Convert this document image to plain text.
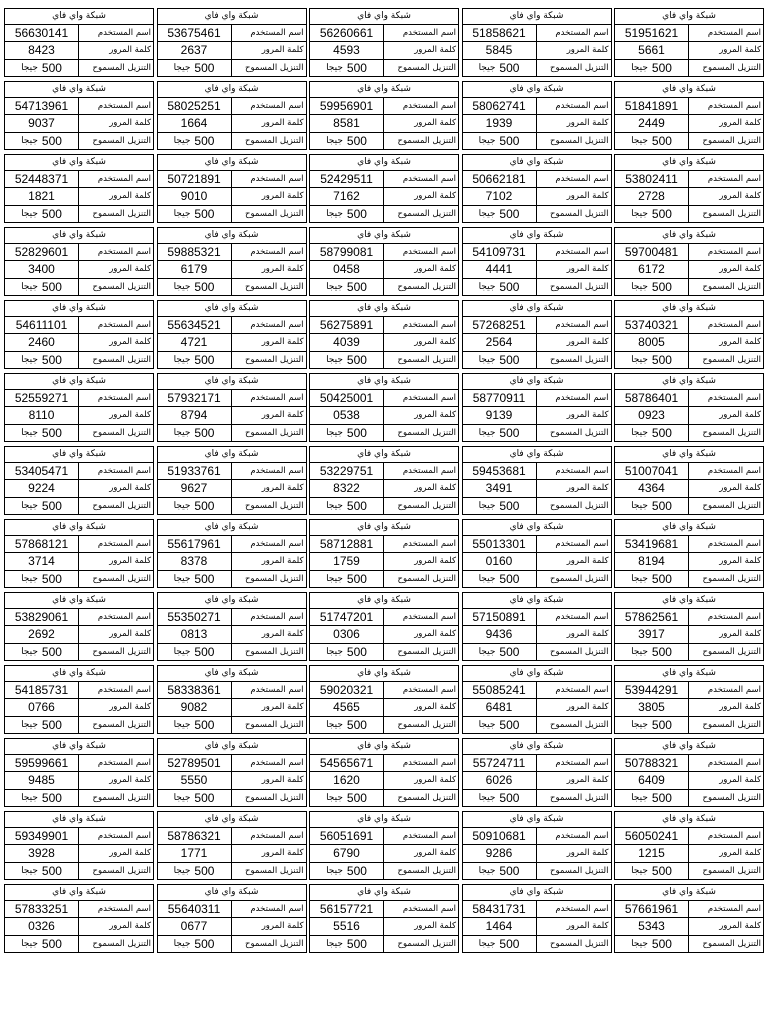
شبكة واي فاي
اسم المستخدم
51951621
كلمة المرور
5661
التنزيل المسموح
500
جيجا
شبكة واي فاي
اسم المستخدم
51858621
كلمة المرور
5845
التنزيل المسموح
500
جيجا
شبكة واي فاي
اسم المستخدم
56260661
كلمة المرور
4593
التنزيل المسموح
500
جيجا
شبكة واي فاي
اسم المستخدم
53675461
كلمة المرور
2637
التنزيل المسموح
500
جيجا
شبكة واي فاي
اسم المستخدم
56630141
كلمة المرور
8423
التنزيل المسموح
500
جيجا
شبكة واي فاي
اسم المستخدم
51841891
كلمة المرور
2449
التنزيل المسموح
500
جيجا
شبكة واي فاي
اسم المستخدم
58062741
كلمة المرور
1939
التنزيل المسموح
500
جيجا
شبكة واي فاي
اسم المستخدم
59956901
كلمة المرور
8581
التنزيل المسموح
500
جيجا
شبكة واي فاي
اسم المستخدم
58025251
كلمة المرور
1664
التنزيل المسموح
500
جيجا
شبكة واي فاي
اسم المستخدم
54713961
كلمة المرور
9037
التنزيل المسموح
500
جيجا
شبكة واي فاي
اسم المستخدم
53802411
كلمة المرور
2728
التنزيل المسموح
500
جيجا
شبكة واي فاي
اسم المستخدم
50662181
كلمة المرور
7102
التنزيل المسموح
500
جيجا
شبكة واي فاي
اسم المستخدم
52429511
كلمة المرور
7162
التنزيل المسموح
500
جيجا
شبكة واي فاي
اسم المستخدم
50721891
كلمة المرور
9010
التنزيل المسموح
500
جيجا
شبكة واي فاي
اسم المستخدم
52448371
كلمة المرور
1821
التنزيل المسموح
500
جيجا
شبكة واي فاي
اسم المستخدم
59700481
كلمة المرور
6172
التنزيل المسموح
500
جيجا
شبكة واي فاي
اسم المستخدم
54109731
كلمة المرور
4441
التنزيل المسموح
500
جيجا
شبكة واي فاي
اسم المستخدم
58799081
كلمة المرور
0458
التنزيل المسموح
500
جيجا
شبكة واي فاي
اسم المستخدم
59885321
كلمة المرور
6179
التنزيل المسموح
500
جيجا
شبكة واي فاي
اسم المستخدم
52829601
كلمة المرور
3400
التنزيل المسموح
500
جيجا
شبكة واي فاي
اسم المستخدم
53740321
كلمة المرور
8005
التنزيل المسموح
500
جيجا
شبكة واي فاي
اسم المستخدم
57268251
كلمة المرور
2564
التنزيل المسموح
500
جيجا
شبكة واي فاي
اسم المستخدم
56275891
كلمة المرور
4039
التنزيل المسموح
500
جيجا
شبكة واي فاي
اسم المستخدم
55634521
كلمة المرور
4721
التنزيل المسموح
500
جيجا
شبكة واي فاي
اسم المستخدم
54611101
كلمة المرور
2460
التنزيل المسموح
500
جيجا
شبكة واي فاي
اسم المستخدم
58786401
كلمة المرور
0923
التنزيل المسموح
500
جيجا
شبكة واي فاي
اسم المستخدم
58770911
كلمة المرور
9139
التنزيل المسموح
500
جيجا
شبكة واي فاي
اسم المستخدم
50425001
كلمة المرور
0538
التنزيل المسموح
500
جيجا
شبكة واي فاي
اسم المستخدم
57932171
كلمة المرور
8794
التنزيل المسموح
500
جيجا
شبكة واي فاي
اسم المستخدم
52559271
كلمة المرور
8110
التنزيل المسموح
500
جيجا
شبكة واي فاي
اسم المستخدم
51007041
كلمة المرور
4364
التنزيل المسموح
500
جيجا
شبكة واي فاي
اسم المستخدم
59453681
كلمة المرور
3491
التنزيل المسموح
500
جيجا
شبكة واي فاي
اسم المستخدم
53229751
كلمة المرور
8322
التنزيل المسموح
500
جيجا
شبكة واي فاي
اسم المستخدم
51933761
كلمة المرور
9627
التنزيل المسموح
500
جيجا
شبكة واي فاي
اسم المستخدم
53405471
كلمة المرور
9224
التنزيل المسموح
500
جيجا
شبكة واي فاي
اسم المستخدم
53419681
كلمة المرور
8194
التنزيل المسموح
500
جيجا
شبكة واي فاي
اسم المستخدم
55013301
كلمة المرور
0160
التنزيل المسموح
500
جيجا
شبكة واي فاي
اسم المستخدم
58712881
كلمة المرور
1759
التنزيل المسموح
500
جيجا
شبكة واي فاي
اسم المستخدم
55617961
كلمة المرور
8378
التنزيل المسموح
500
جيجا
شبكة واي فاي
اسم المستخدم
57868121
كلمة المرور
3714
التنزيل المسموح
500
جيجا
شبكة واي فاي
اسم المستخدم
57862561
كلمة المرور
3917
التنزيل المسموح
500
جيجا
شبكة واي فاي
اسم المستخدم
57150891
كلمة المرور
9436
التنزيل المسموح
500
جيجا
شبكة واي فاي
اسم المستخدم
51747201
كلمة المرور
0306
التنزيل المسموح
500
جيجا
شبكة واي فاي
اسم المستخدم
55350271
كلمة المرور
0813
التنزيل المسموح
500
جيجا
شبكة واي فاي
اسم المستخدم
53829061
كلمة المرور
2692
التنزيل المسموح
500
جيجا
شبكة واي فاي
اسم المستخدم
53944291
كلمة المرور
3805
التنزيل المسموح
500
جيجا
شبكة واي فاي
اسم المستخدم
55085241
كلمة المرور
6481
التنزيل المسموح
500
جيجا
شبكة واي فاي
اسم المستخدم
59020321
كلمة المرور
4565
التنزيل المسموح
500
جيجا
شبكة واي فاي
اسم المستخدم
58338361
كلمة المرور
9082
التنزيل المسموح
500
جيجا
شبكة واي فاي
اسم المستخدم
54185731
كلمة المرور
0766
التنزيل المسموح
500
جيجا
شبكة واي فاي
اسم المستخدم
50788321
كلمة المرور
6409
التنزيل المسموح
500
جيجا
شبكة واي فاي
اسم المستخدم
55724711
كلمة المرور
6026
التنزيل المسموح
500
جيجا
شبكة واي فاي
اسم المستخدم
54565671
كلمة المرور
1620
التنزيل المسموح
500
جيجا
شبكة واي فاي
اسم المستخدم
52789501
كلمة المرور
5550
التنزيل المسموح
500
جيجا
شبكة واي فاي
اسم المستخدم
59599661
كلمة المرور
9485
التنزيل المسموح
500
جيجا
شبكة واي فاي
اسم المستخدم
56050241
كلمة المرور
1215
التنزيل المسموح
500
جيجا
شبكة واي فاي
اسم المستخدم
50910681
كلمة المرور
9286
التنزيل المسموح
500
جيجا
شبكة واي فاي
اسم المستخدم
56051691
كلمة المرور
6790
التنزيل المسموح
500
جيجا
شبكة واي فاي
اسم المستخدم
58786321
كلمة المرور
1771
التنزيل المسموح
500
جيجا
شبكة واي فاي
اسم المستخدم
59349901
كلمة المرور
3928
التنزيل المسموح
500
جيجا
شبكة واي فاي
اسم المستخدم
57661961
كلمة المرور
5343
التنزيل المسموح
500
جيجا
شبكة واي فاي
اسم المستخدم
58431731
كلمة المرور
1464
التنزيل المسموح
500
جيجا
شبكة واي فاي
اسم المستخدم
56157721
كلمة المرور
5516
التنزيل المسموح
500
جيجا
شبكة واي فاي
اسم المستخدم
55640311
كلمة المرور
0677
التنزيل المسموح
500
جيجا
شبكة واي فاي
اسم المستخدم
57833251
كلمة المرور
0326
التنزيل المسموح
500
جيجا
